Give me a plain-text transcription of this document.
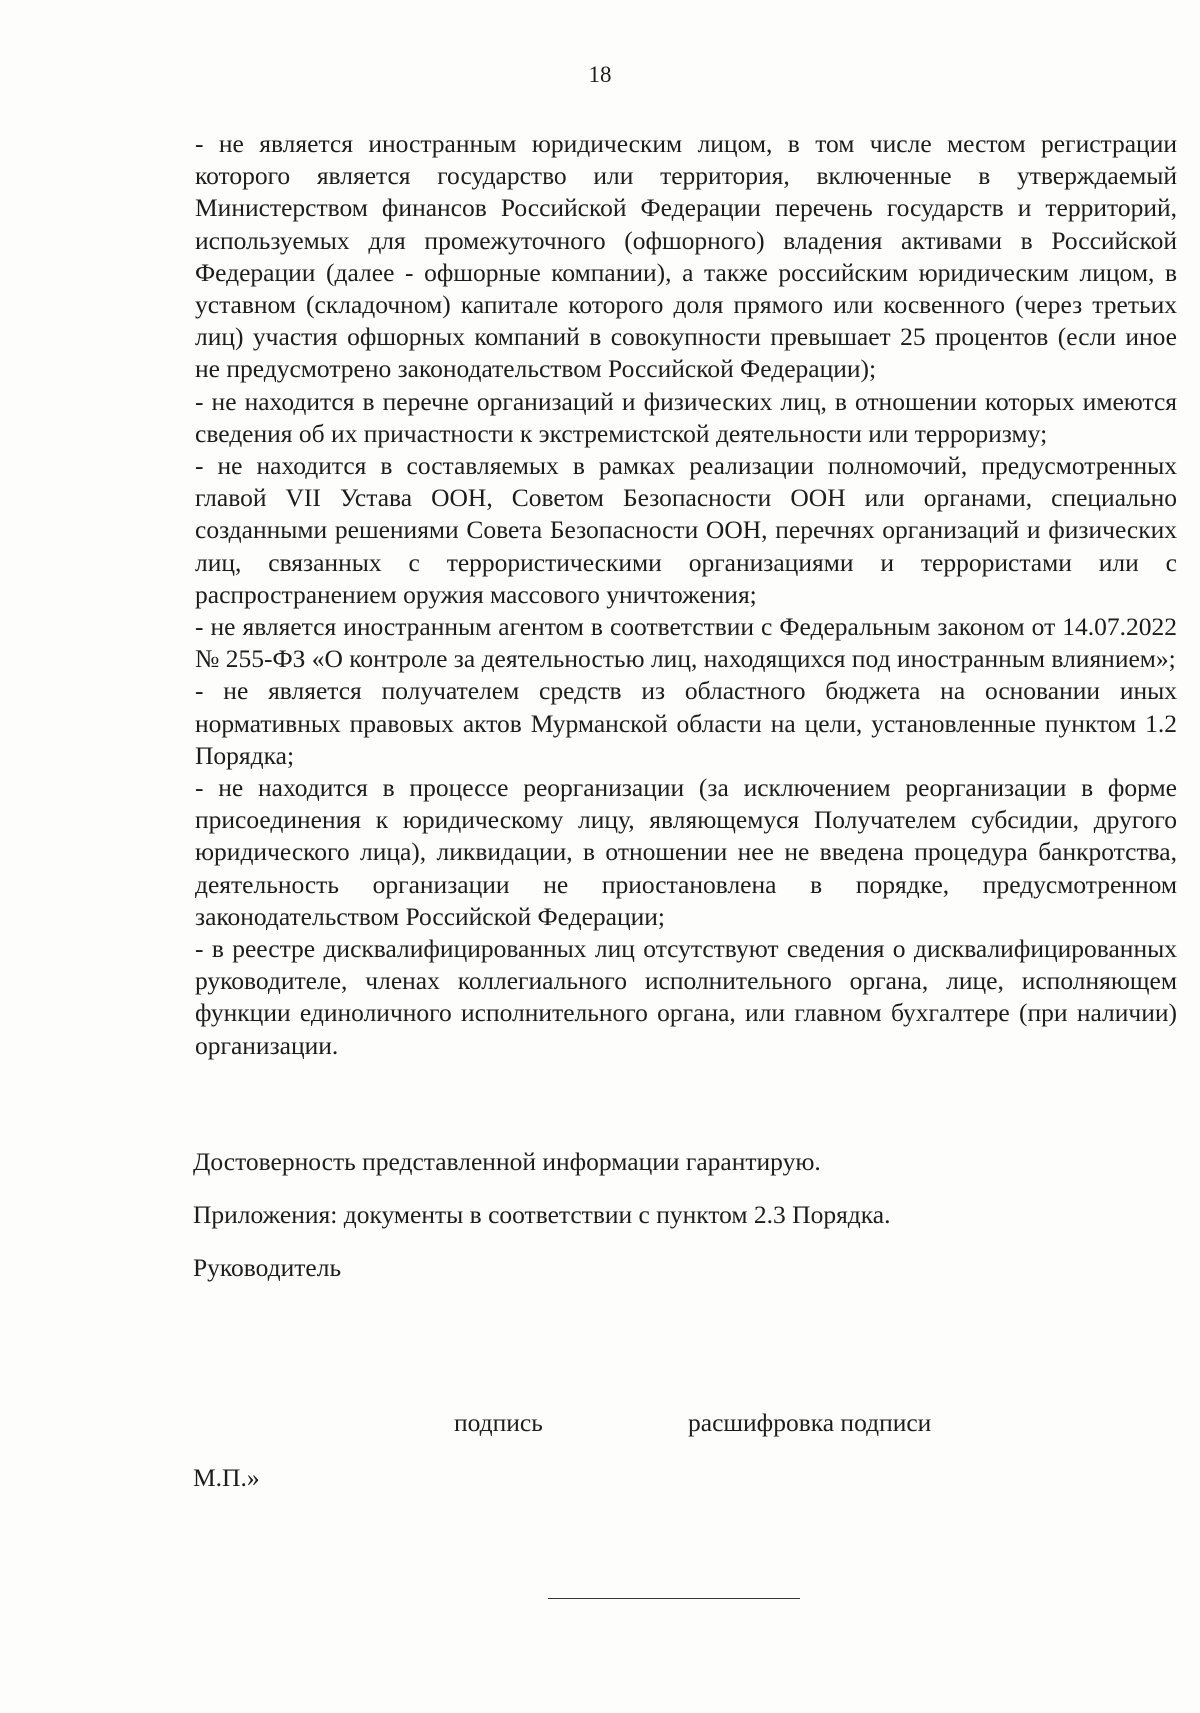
18

- не является иностранным юридическим лицом, в том числе местом регистрации которого является государство или территория, включенные в утверждаемый Министерством финансов Российской Федерации перечень государств и территорий, используемых для промежуточного (офшорного) владения активами в Российской Федерации (далее - офшорные компании), а также российским юридическим лицом, в уставном (складочном) капитале которого доля прямого или косвенного (через третьих лиц) участия офшорных компаний в совокупности превышает 25 процентов (если иное не предусмотрено законодательством Российской Федерации);

- не находится в перечне организаций и физических лиц, в отношении которых имеются сведения об их причастности к экстремистской деятельности или терроризму;

- не находится в составляемых в рамках реализации полномочий, предусмотренных главой VII Устава ООН, Советом Безопасности ООН или органами, специально созданными решениями Совета Безопасности ООН, перечнях организаций и физических лиц, связанных с террористическими организациями и террористами или с распространением оружия массового уничтожения;

- не является иностранным агентом в соответствии с Федеральным законом от 14.07.2022 № 255-ФЗ «О контроле за деятельностью лиц, находящихся под иностранным влиянием»;

- не является получателем средств из областного бюджета на основании иных нормативных правовых актов Мурманской области на цели, установленные пунктом 1.2 Порядка;

- не находится в процессе реорганизации (за исключением реорганизации в форме присоединения к юридическому лицу, являющемуся Получателем субсидии, другого юридического лица), ликвидации, в отношении нее не введена процедура банкротства, деятельность организации не приостановлена в порядке, предусмотренном законодательством Российской Федерации;

- в реестре дисквалифицированных лиц отсутствуют сведения о дисквалифицированных руководителе, членах коллегиального исполнительного органа, лице, исполняющем функции единоличного исполнительного органа, или главном бухгалтере (при наличии) организации.

Достоверность представленной информации гарантирую.

Приложения: документы в соответствии с пунктом 2.3 Порядка.

Руководитель

подпись	расшифровка подписи

М.П.»
